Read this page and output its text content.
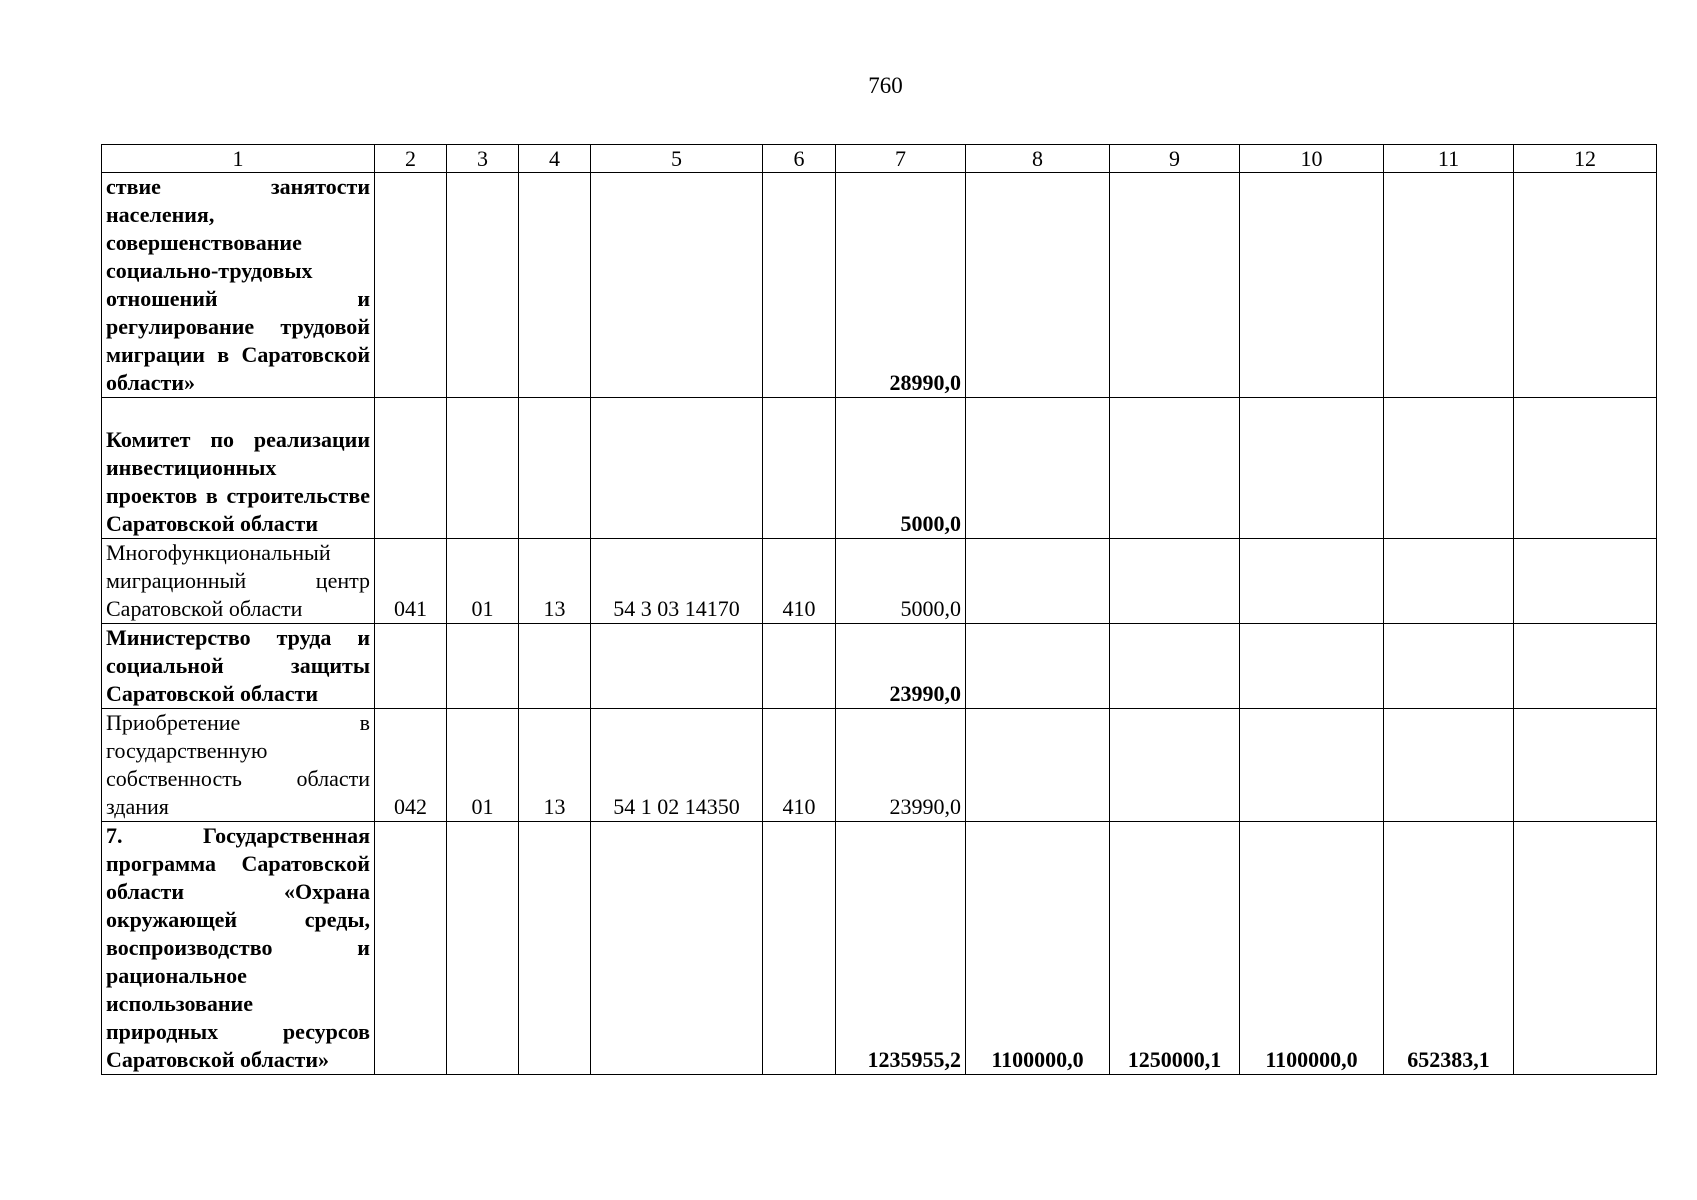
760
1	2	3	4	5	6	7	8	9	10	11	12
ствие занятости населения, совершенствование социально-трудовых отношений и регулирование трудовой миграции в Саратовской области»						28990,0					
Комитет по реализации инвестиционных проектов в строительстве Саратовской области						5000,0					
Многофункциональный миграционный центр Саратовской области	041	01	13	54 3 03 14170	410	5000,0					
Министерство труда и социальной защиты Саратовской области						23990,0					
Приобретение в государственную собственность области здания	042	01	13	54 1 02 14350	410	23990,0					
7. Государственная программа Саратовской области «Охрана окружающей среды, воспроизводство и рациональное использование природных ресурсов Саратовской области»						1235955,2	1100000,0	1250000,1	1100000,0	652383,1	
